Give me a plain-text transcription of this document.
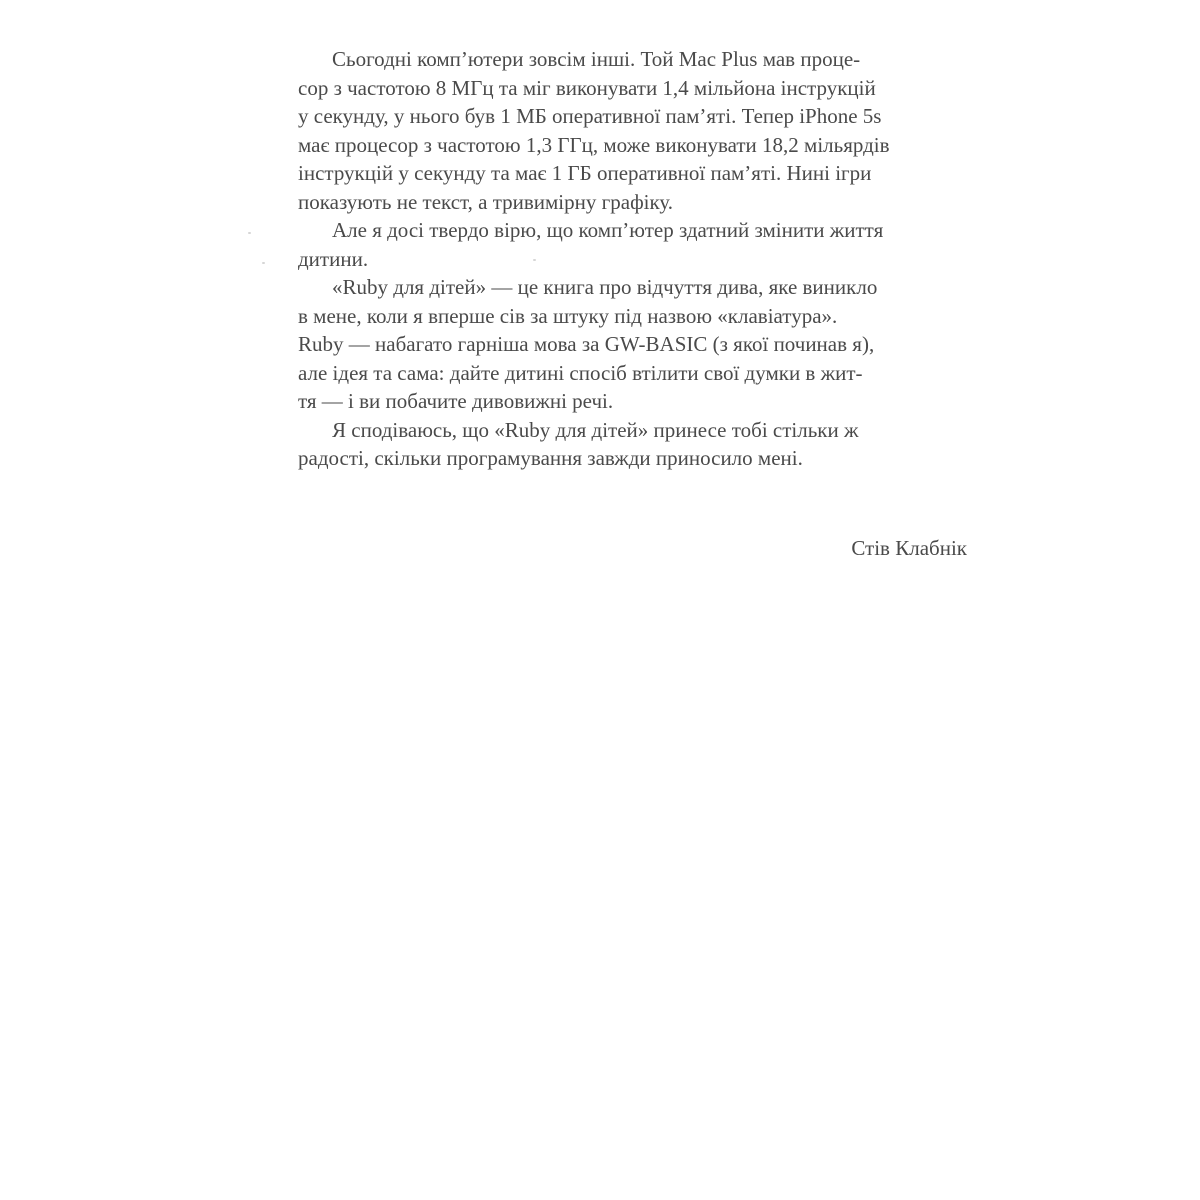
Сьогодні комп’ютери зовсім інші. Той Mac Plus мав проце-
сор з частотою 8 МГц та міг виконувати 1,4 мільйона інструкцій
у секунду, у нього був 1 МБ оперативної пам’яті. Тепер iPhone 5s
має процесор з частотою 1,3 ГГц, може виконувати 18,2 мільярдів
інструкцій у секунду та має 1 ГБ оперативної пам’яті. Нині ігри
показують не текст, а тривимірну графіку.
Але я досі твердо вірю, що комп’ютер здатний змінити життя
дитини.
«Ruby для дітей» — це книга про відчуття дива, яке виникло
в мене, коли я вперше сів за штуку під назвою «клавіатура».
Ruby — набагато гарніша мова за GW-BASIC (з якої починав я),
але ідея та сама: дайте дитині спосіб втілити свої думки в жит-
тя — і ви побачите дивовижні речі.
Я сподіваюсь, що «Ruby для дітей» принесе тобі стільки ж
радості, скільки програмування завжди приносило мені.
Стів Клабнік
